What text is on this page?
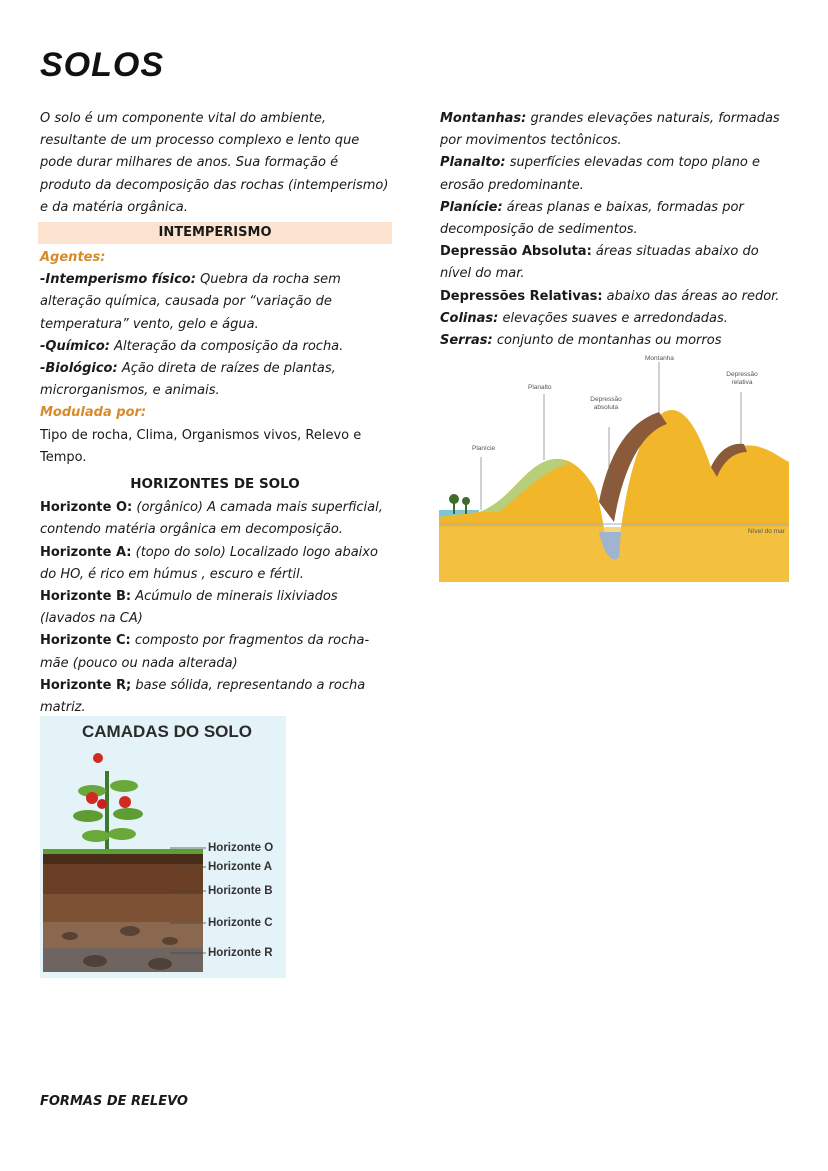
SOLOS

O solo é um componente vital do ambiente, resultante de um processo complexo e lento que pode durar milhares de anos. Sua formação é produto da decomposição das rochas (intemperismo) e da matéria orgânica.

INTEMPERISMO

Agentes:

-Intemperismo físico: Quebra da rocha sem alteração química, causada por “variação de temperatura” vento, gelo e água.

-Químico: Alteração da composição da rocha.

-Biológico: Ação direta de raízes de plantas, microrganismos, e animais.

Modulada por:

Tipo de rocha, Clima, Organismos vivos, Relevo e Tempo.

HORIZONTES DE SOLO

Horizonte O: (orgânico) A camada mais superficial, contendo matéria orgânica em decomposição.

Horizonte A: (topo do solo) Localizado logo abaixo do HO, é rico em húmus , escuro e fértil.

Horizonte B: Acúmulo de minerais lixiviados (lavados na CA)

Horizonte C: composto por fragmentos da rocha-mãe (pouco ou nada alterada)

Horizonte R; base sólida, representando a rocha matriz.

Montanhas: grandes elevações naturais, formadas por movimentos tectônicos.

Planalto: superfícies elevadas com topo plano e erosão predominante.

Planície: áreas planas e baixas, formadas por decomposição de sedimentos.

Depressão Absoluta: áreas situadas abaixo do nível do mar.

Depressões Relativas: abaixo das áreas ao redor.

Colinas: elevações suaves e arredondadas.

Serras: conjunto de montanhas ou morros

Montanha
Depressão relativa
Planalto
Depressão absoluta
Planície
Nível do mar
CAMADAS DO SOLO
Horizonte O
Horizonte A
Horizonte B
Horizonte C
Horizonte R
FORMAS DE RELEVO
